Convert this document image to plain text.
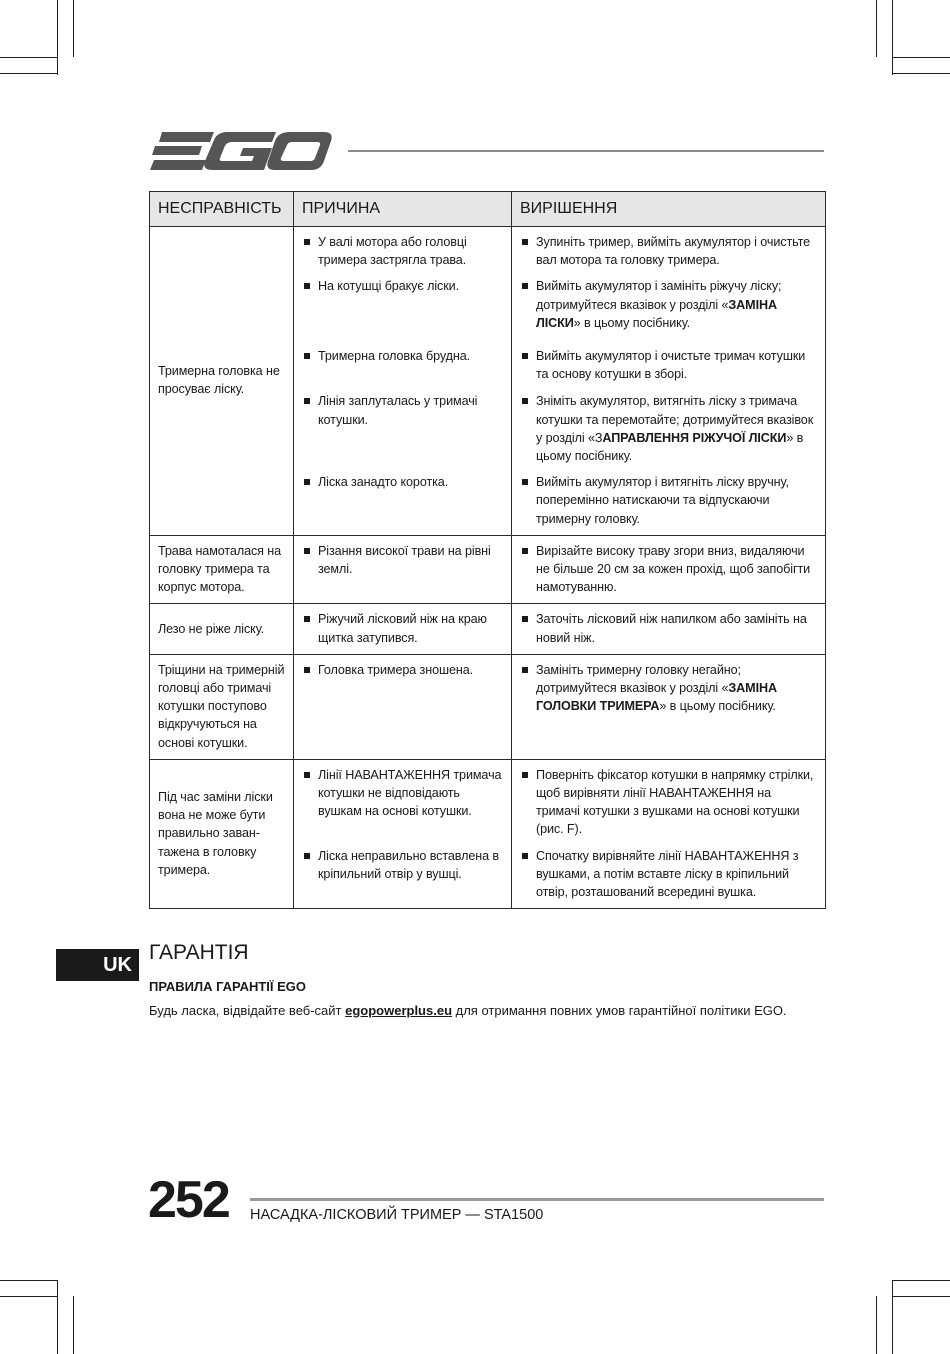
НЕСПРАВНІСТЬ	ПРИЧИНА	ВИРІШЕННЯ
Тримерна головка не просуває ліску.	У валі мотора або головці тримера застрягла трава.	Зупиніть тример, вийміть акумулятор і очистьте вал мотора та головку тримера.

	На котушці бракує ліски.	Вийміть акумулятор і замініть ріжучу ліску; дотримуйтеся вказівок у розділі «ЗАМІНА ЛІСКИ» в цьому посібнику.

	Тримерна головка брудна.	Вийміть акумулятор і очистьте тримач котушки та основу котушки в зборі.

	Лінія заплуталась у тримачі котушки.	Зніміть акумулятор, витягніть ліску з тримача котушки та перемотайте; дотримуйтеся вказівок у розділі «ЗАПРАВЛЕННЯ РІЖУЧОЇ ЛІСКИ» в цьому посібнику.

	Ліска занадто коротка.	Вийміть акумулятор і витягніть ліску вручну, поперемінно натискаючи та відпускаючи тримерну головку.

Трава намоталася на головку тримера та корпус мотора.	Різання високої трави на рівні землі.	Вирізайте високу траву згори вниз, видаляючи не більше 20 см за кожен прохід, щоб запобігти намотуванню.

Лезо не ріже ліску.	Ріжучий лісковий ніж на краю щитка затупився.	Заточіть лісковий ніж напилком або замініть на новий ніж.

Тріщини на тримерній головці або тримачі котушки поступово відкручуються на основі котушки.	Головка тримера зношена.	Замініть тримерну головку негайно; дотримуйтеся вказівок у розділі «ЗАМІНА ГОЛОВКИ ТРИМЕРА» в цьому посібнику.

Під час заміни ліски вона не може бути правильно заван-тажена в головку тримера.	Лінії НАВАНТАЖЕННЯ тримача котушки не відповідають вушкам на основі котушки.	Поверніть фіксатор котушки в напрямку стрілки, щоб вирівняти лінії НАВАНТАЖЕННЯ на тримачі котушки з вушками на основі котушки (рис. F).

	Ліска неправильно вставлена в кріпильний отвір у вушці.	Спочатку вирівняйте лінії НАВАНТАЖЕННЯ з вушками, а потім вставте ліску в кріпильний отвір, розташований всередині вушка.
UK
ГАРАНТІЯ
ПРАВИЛА ГАРАНТІЇ EGO

Будь ласка, відвідайте веб-сайт egopowerplus.eu для отримання повних умов гарантійної політики EGO.

252 НАСАДКА-ЛІСКОВИЙ ТРИМЕР — STA1500
